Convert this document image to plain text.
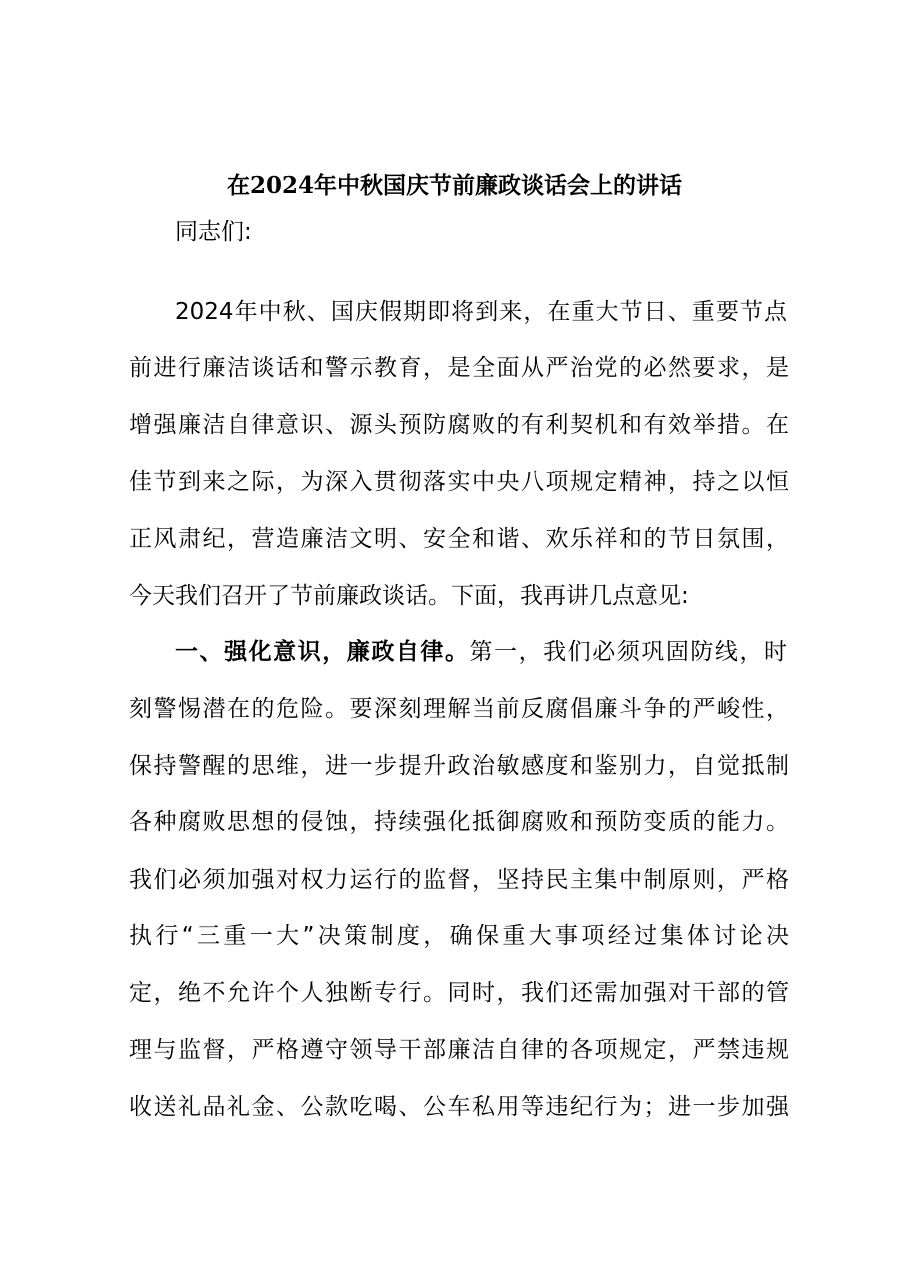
在2024年中秋国庆节前廉政谈话会上的讲话
同志们:
2024年中秋、国庆假期即将到来，在重大节日、重要节点
前进行廉洁谈话和警示教育，是全面从严治党的必然要求，是
增强廉洁自律意识、源头预防腐败的有利契机和有效举措。在
佳节到来之际，为深入贯彻落实中央八项规定精神，持之以恒
正风肃纪，营造廉洁文明、安全和谐、欢乐祥和的节日氛围，
今天我们召开了节前廉政谈话。下面，我再讲几点意见:
一、强化意识，廉政自律。第一，我们必须巩固防线，时
刻警惕潜在的危险。要深刻理解当前反腐倡廉斗争的严峻性，
保持警醒的思维，进一步提升政治敏感度和鉴别力，自觉抵制
各种腐败思想的侵蚀，持续强化抵御腐败和预防变质的能力。
我们必须加强对权力运行的监督，坚持民主集中制原则，严格
执行“三重一大”决策制度，确保重大事项经过集体讨论决
定，绝不允许个人独断专行。同时，我们还需加强对干部的管
理与监督，严格遵守领导干部廉洁自律的各项规定，严禁违规
收送礼品礼金、公款吃喝、公车私用等违纪行为；进一步加强
